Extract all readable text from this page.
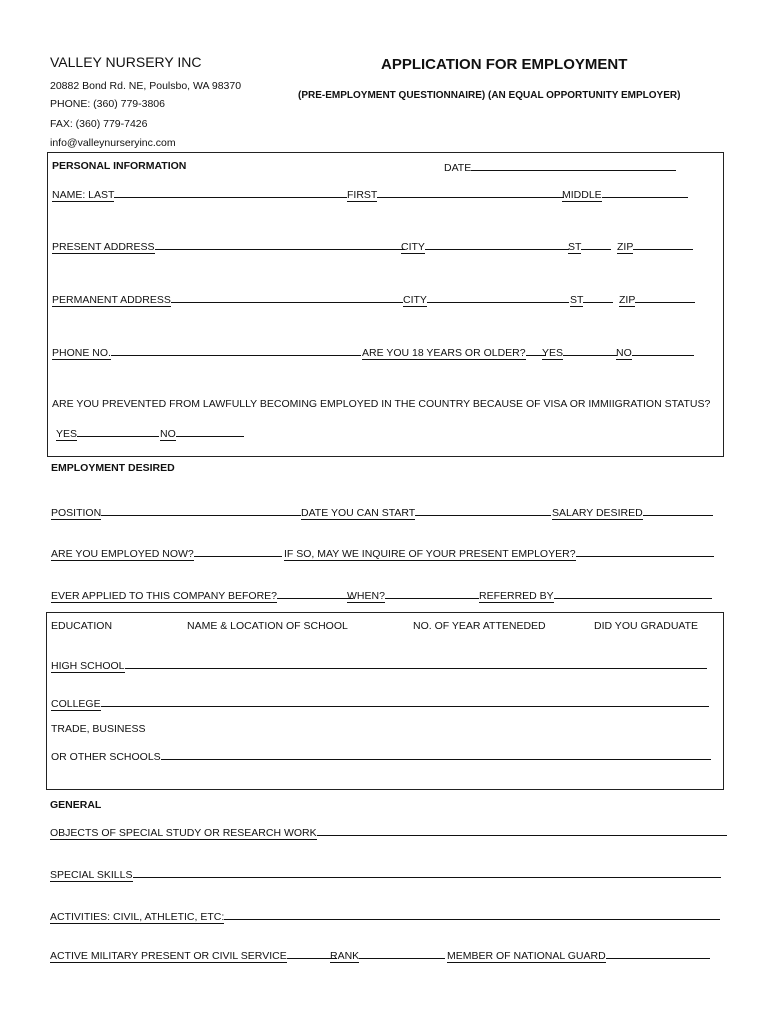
VALLEY NURSERY INC
20882 Bond Rd. NE, Poulsbo, WA 98370
PHONE: (360) 779-3806
FAX: (360) 779-7426
info@valleynurseryinc.com
APPLICATION FOR EMPLOYMENT
(PRE-EMPLOYMENT QUESTIONNAIRE) (AN EQUAL OPPORTUNITY EMPLOYER)
PERSONAL INFORMATION	DATE
NAME: LAST	FIRST	MIDDLE
PRESENT ADDRESS	CITY	ST	ZIP
PERMANENT ADDRESS	CITY	ST	ZIP
PHONE NO.	ARE YOU 18 YEARS OR OLDER?	YES	NO
ARE YOU PREVENTED FROM LAWFULLY BECOMING EMPLOYED IN THE COUNTRY BECAUSE OF VISA OR IMMIIGRATION STATUS?
YES	NO
EMPLOYMENT DESIRED
POSITION	DATE YOU CAN START	SALARY DESIRED
ARE YOU EMPLOYED NOW?	IF SO, MAY WE INQUIRE OF YOUR PRESENT EMPLOYER?
EVER APPLIED TO THIS COMPANY BEFORE?	WHEN?	REFERRED BY
EDUCATION	NAME & LOCATION OF SCHOOL	NO. OF YEAR ATTENEDED	DID YOU GRADUATE
HIGH SCHOOL
COLLEGE
TRADE, BUSINESS
OR OTHER SCHOOLS
GENERAL
OBJECTS OF SPECIAL STUDY OR RESEARCH WORK
SPECIAL SKILLS
ACTIVITIES: CIVIL, ATHLETIC, ETC:
ACTIVE MILITARY PRESENT OR CIVIL SERVICE	RANK	MEMBER OF NATIONAL GUARD
